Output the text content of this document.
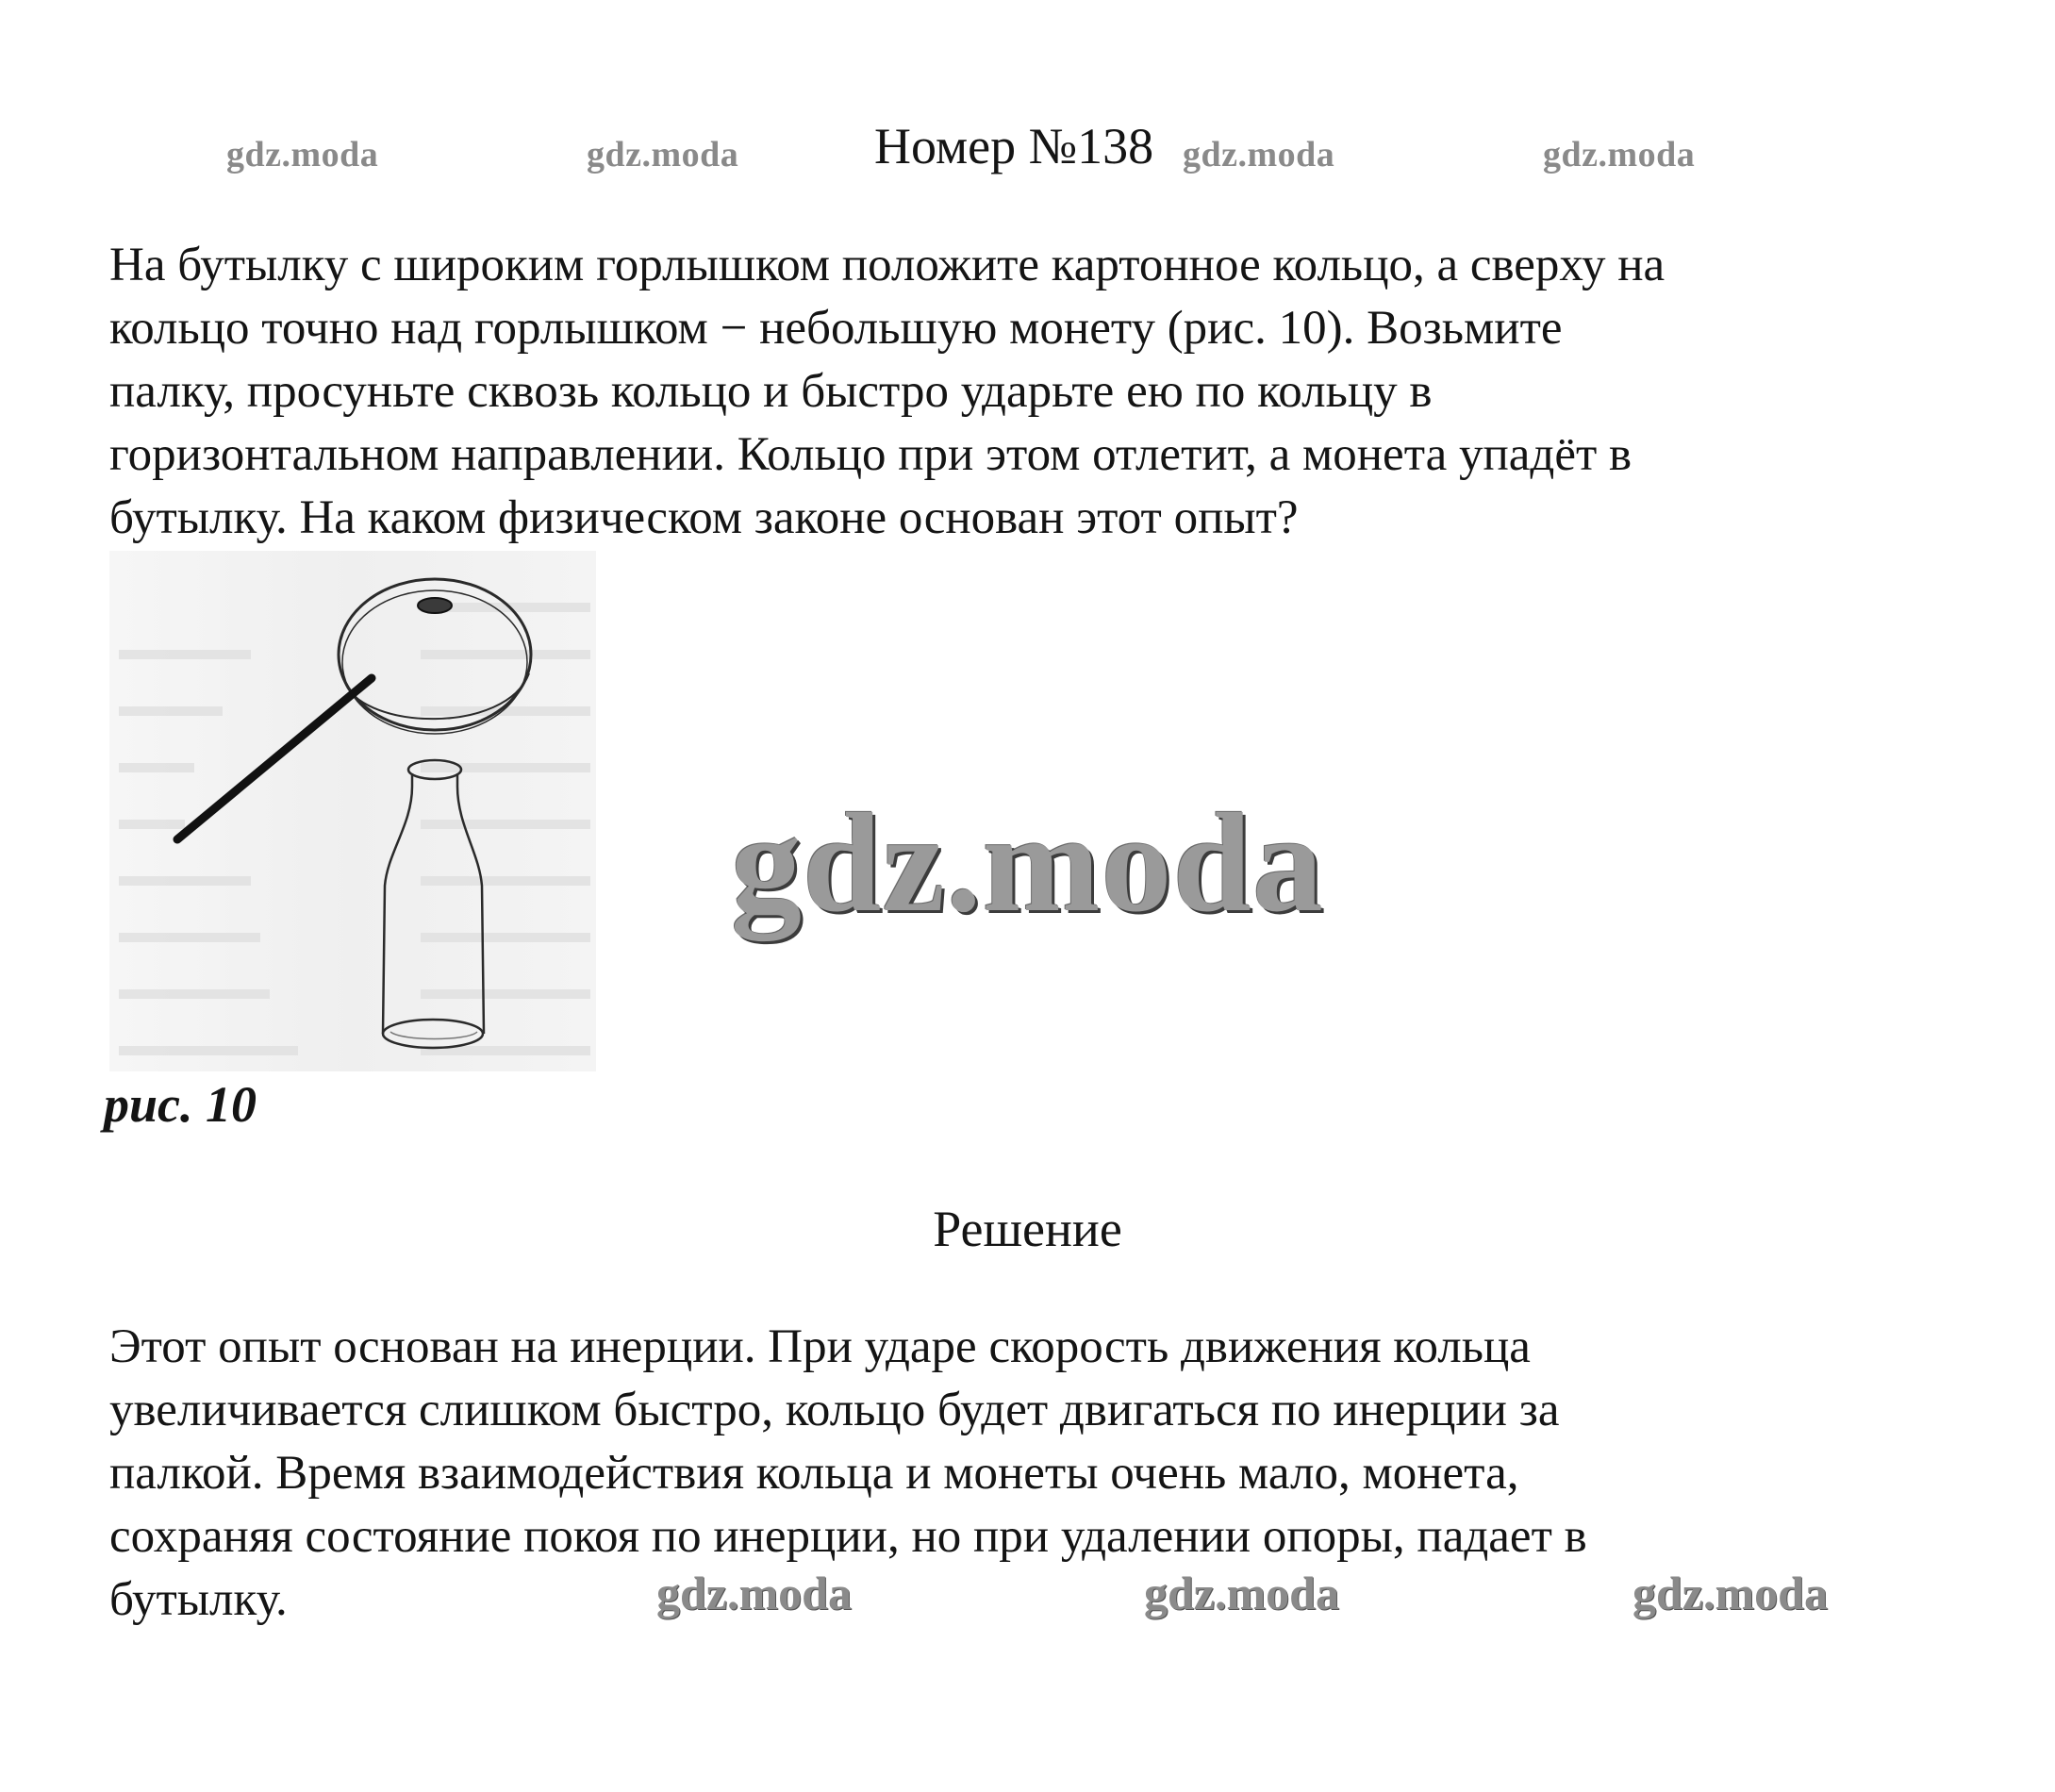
gdz.moda	gdz.moda	gdz.moda	gdz.moda
Номер №138
На бутылку с широким горлышком положите картонное кольцо, а сверху на
кольцо точно над горлышком − небольшую монету (рис. 10). Возьмите
палку, просуньте сквозь кольцо и быстро ударьте ею по кольцу в
горизонтальном направлении. Кольцо при этом отлетит, а монета упадёт в
бутылку. На каком физическом законе основан этот опыт?
рис. 10
gdz.moda
Решение
Этот опыт основан на инерции. При ударе скорость движения кольца
увеличивается слишком быстро, кольцо будет двигаться по инерции за
палкой. Время взаимодействия кольца и монеты очень мало, монета,
сохраняя состояние покоя по инерции, но при удалении опоры, падает в
бутылку.	gdz.moda	gdz.moda	gdz.moda
